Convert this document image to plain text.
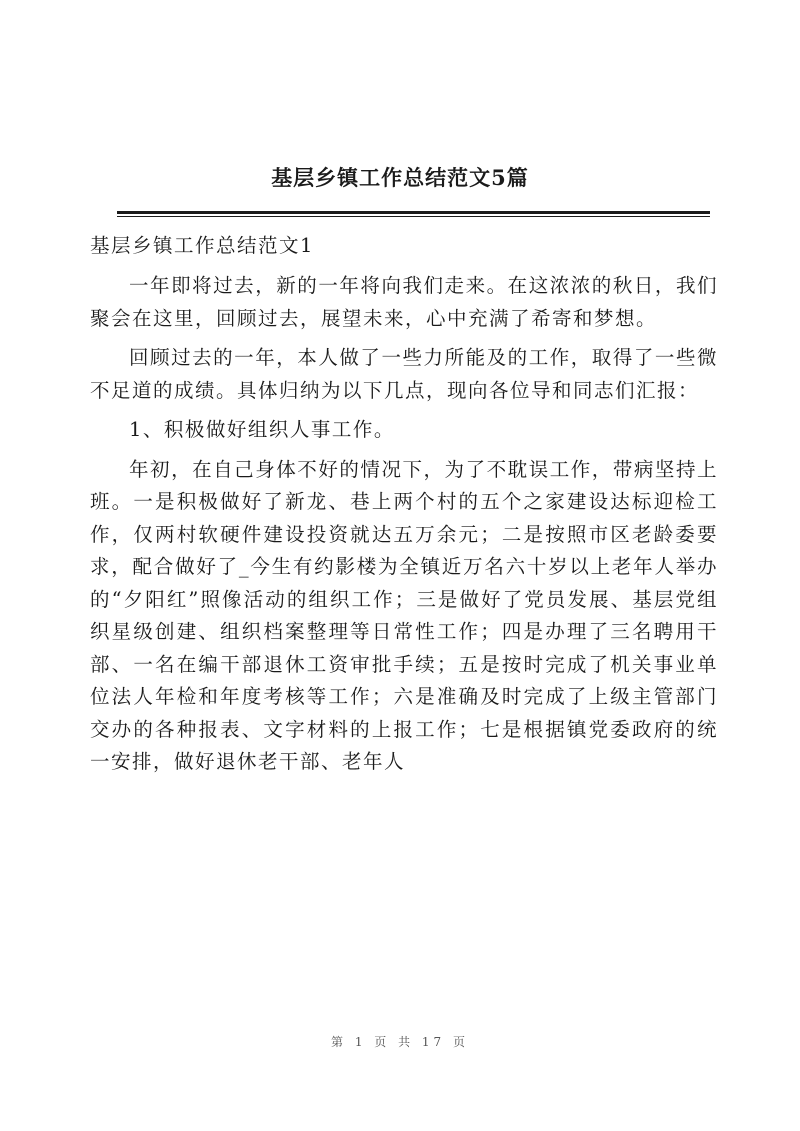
基层乡镇工作总结范文5篇
基层乡镇工作总结范文1

一年即将过去，新的一年将向我们走来。在这浓浓的秋日，我们聚会在这里，回顾过去，展望未来，心中充满了希寄和梦想。

回顾过去的一年，本人做了一些力所能及的工作，取得了一些微不足道的成绩。具体归纳为以下几点，现向各位导和同志们汇报：

1、积极做好组织人事工作。

年初，在自己身体不好的情况下，为了不耽误工作，带病坚持上班。一是积极做好了新龙、巷上两个村的五个之家建设达标迎检工作，仅两村软硬件建设投资就达五万余元；二是按照市区老龄委要求，配合做好了_今生有约影楼为全镇近万名六十岁以上老年人举办的“夕阳红”照像活动的组织工作；三是做好了党员发展、基层党组织星级创建、组织档案整理等日常性工作；四是办理了三名聘用干部、一名在编干部退休工资审批手续；五是按时完成了机关事业单位法人年检和年度考核等工作；六是准确及时完成了上级主管部门交办的各种报表、文字材料的上报工作；七是根据镇党委政府的统一安排，做好退休老干部、老年人

第 1 页 共 17 页
